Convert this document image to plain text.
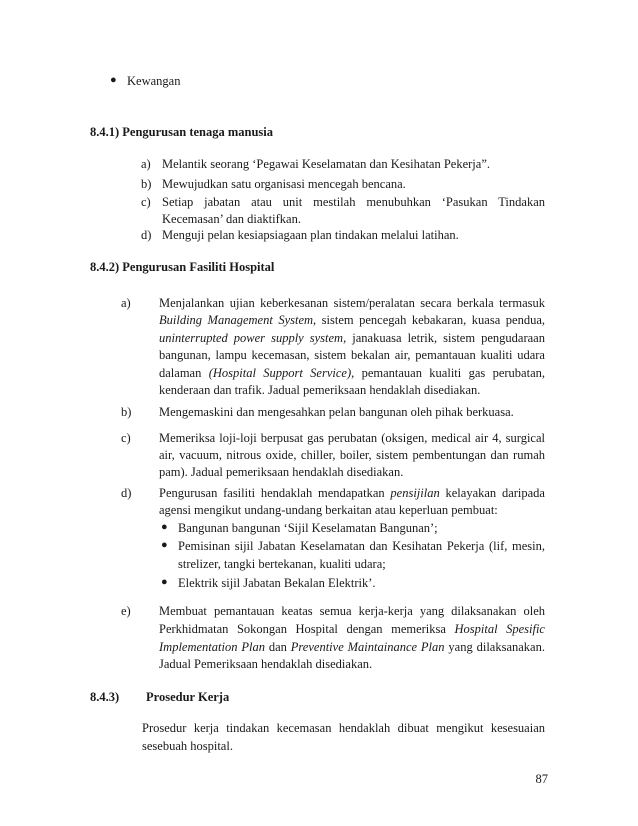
● Kewangan
8.4.1) Pengurusan tenaga manusia
a) Melantik seorang ‘Pegawai Keselamatan dan Kesihatan Pekerja”.
b) Mewujudkan satu organisasi mencegah bencana.
c) Setiap jabatan atau unit mestilah menubuhkan ‘Pasukan Tindakan
Kecemasan’ dan diaktifkan.
d) Menguji pelan kesiapsiagaan plan tindakan melalui latihan.
8.4.2) Pengurusan Fasiliti Hospital
a) Menjalankan ujian keberkesanan sistem/peralatan secara berkala termasuk
Building Management System, sistem pencegah kebakaran, kuasa pendua,
uninterrupted power supply system, janakuasa letrik, sistem pengudaraan
bangunan, lampu kecemasan, sistem bekalan air, pemantauan kualiti udara
dalaman (Hospital Support Service), pemantauan kualiti gas perubatan,
kenderaan dan trafik. Jadual pemeriksaan hendaklah disediakan.
b) Mengemaskini dan mengesahkan pelan bangunan oleh pihak berkuasa.
c) Memeriksa loji-loji berpusat gas perubatan (oksigen, medical air 4, surgical
air, vacuum, nitrous oxide, chiller, boiler, sistem pembentungan dan rumah
pam). Jadual pemeriksaan hendaklah disediakan.
d) Pengurusan fasiliti hendaklah mendapatkan pensijilan kelayakan daripada
agensi mengikut undang-undang berkaitan atau keperluan pembuat:
● Bangunan bangunan ‘Sijil Keselamatan Bangunan’;
● Pemisinan sijil Jabatan Keselamatan dan Kesihatan Pekerja (lif, mesin,
strelizer, tangki bertekanan, kualiti udara;
● Elektrik sijil Jabatan Bekalan Elektrik’.
e) Membuat pemantauan keatas semua kerja-kerja yang dilaksanakan oleh
Perkhidmatan Sokongan Hospital dengan memeriksa Hospital Spesific
Implementation Plan dan Preventive Maintainance Plan yang dilaksanakan.
Jadual Pemeriksaan hendaklah disediakan.
8.4.3) Prosedur Kerja
Prosedur kerja tindakan kecemasan hendaklah dibuat mengikut kesesuaian
sesebuah hospital.
87
